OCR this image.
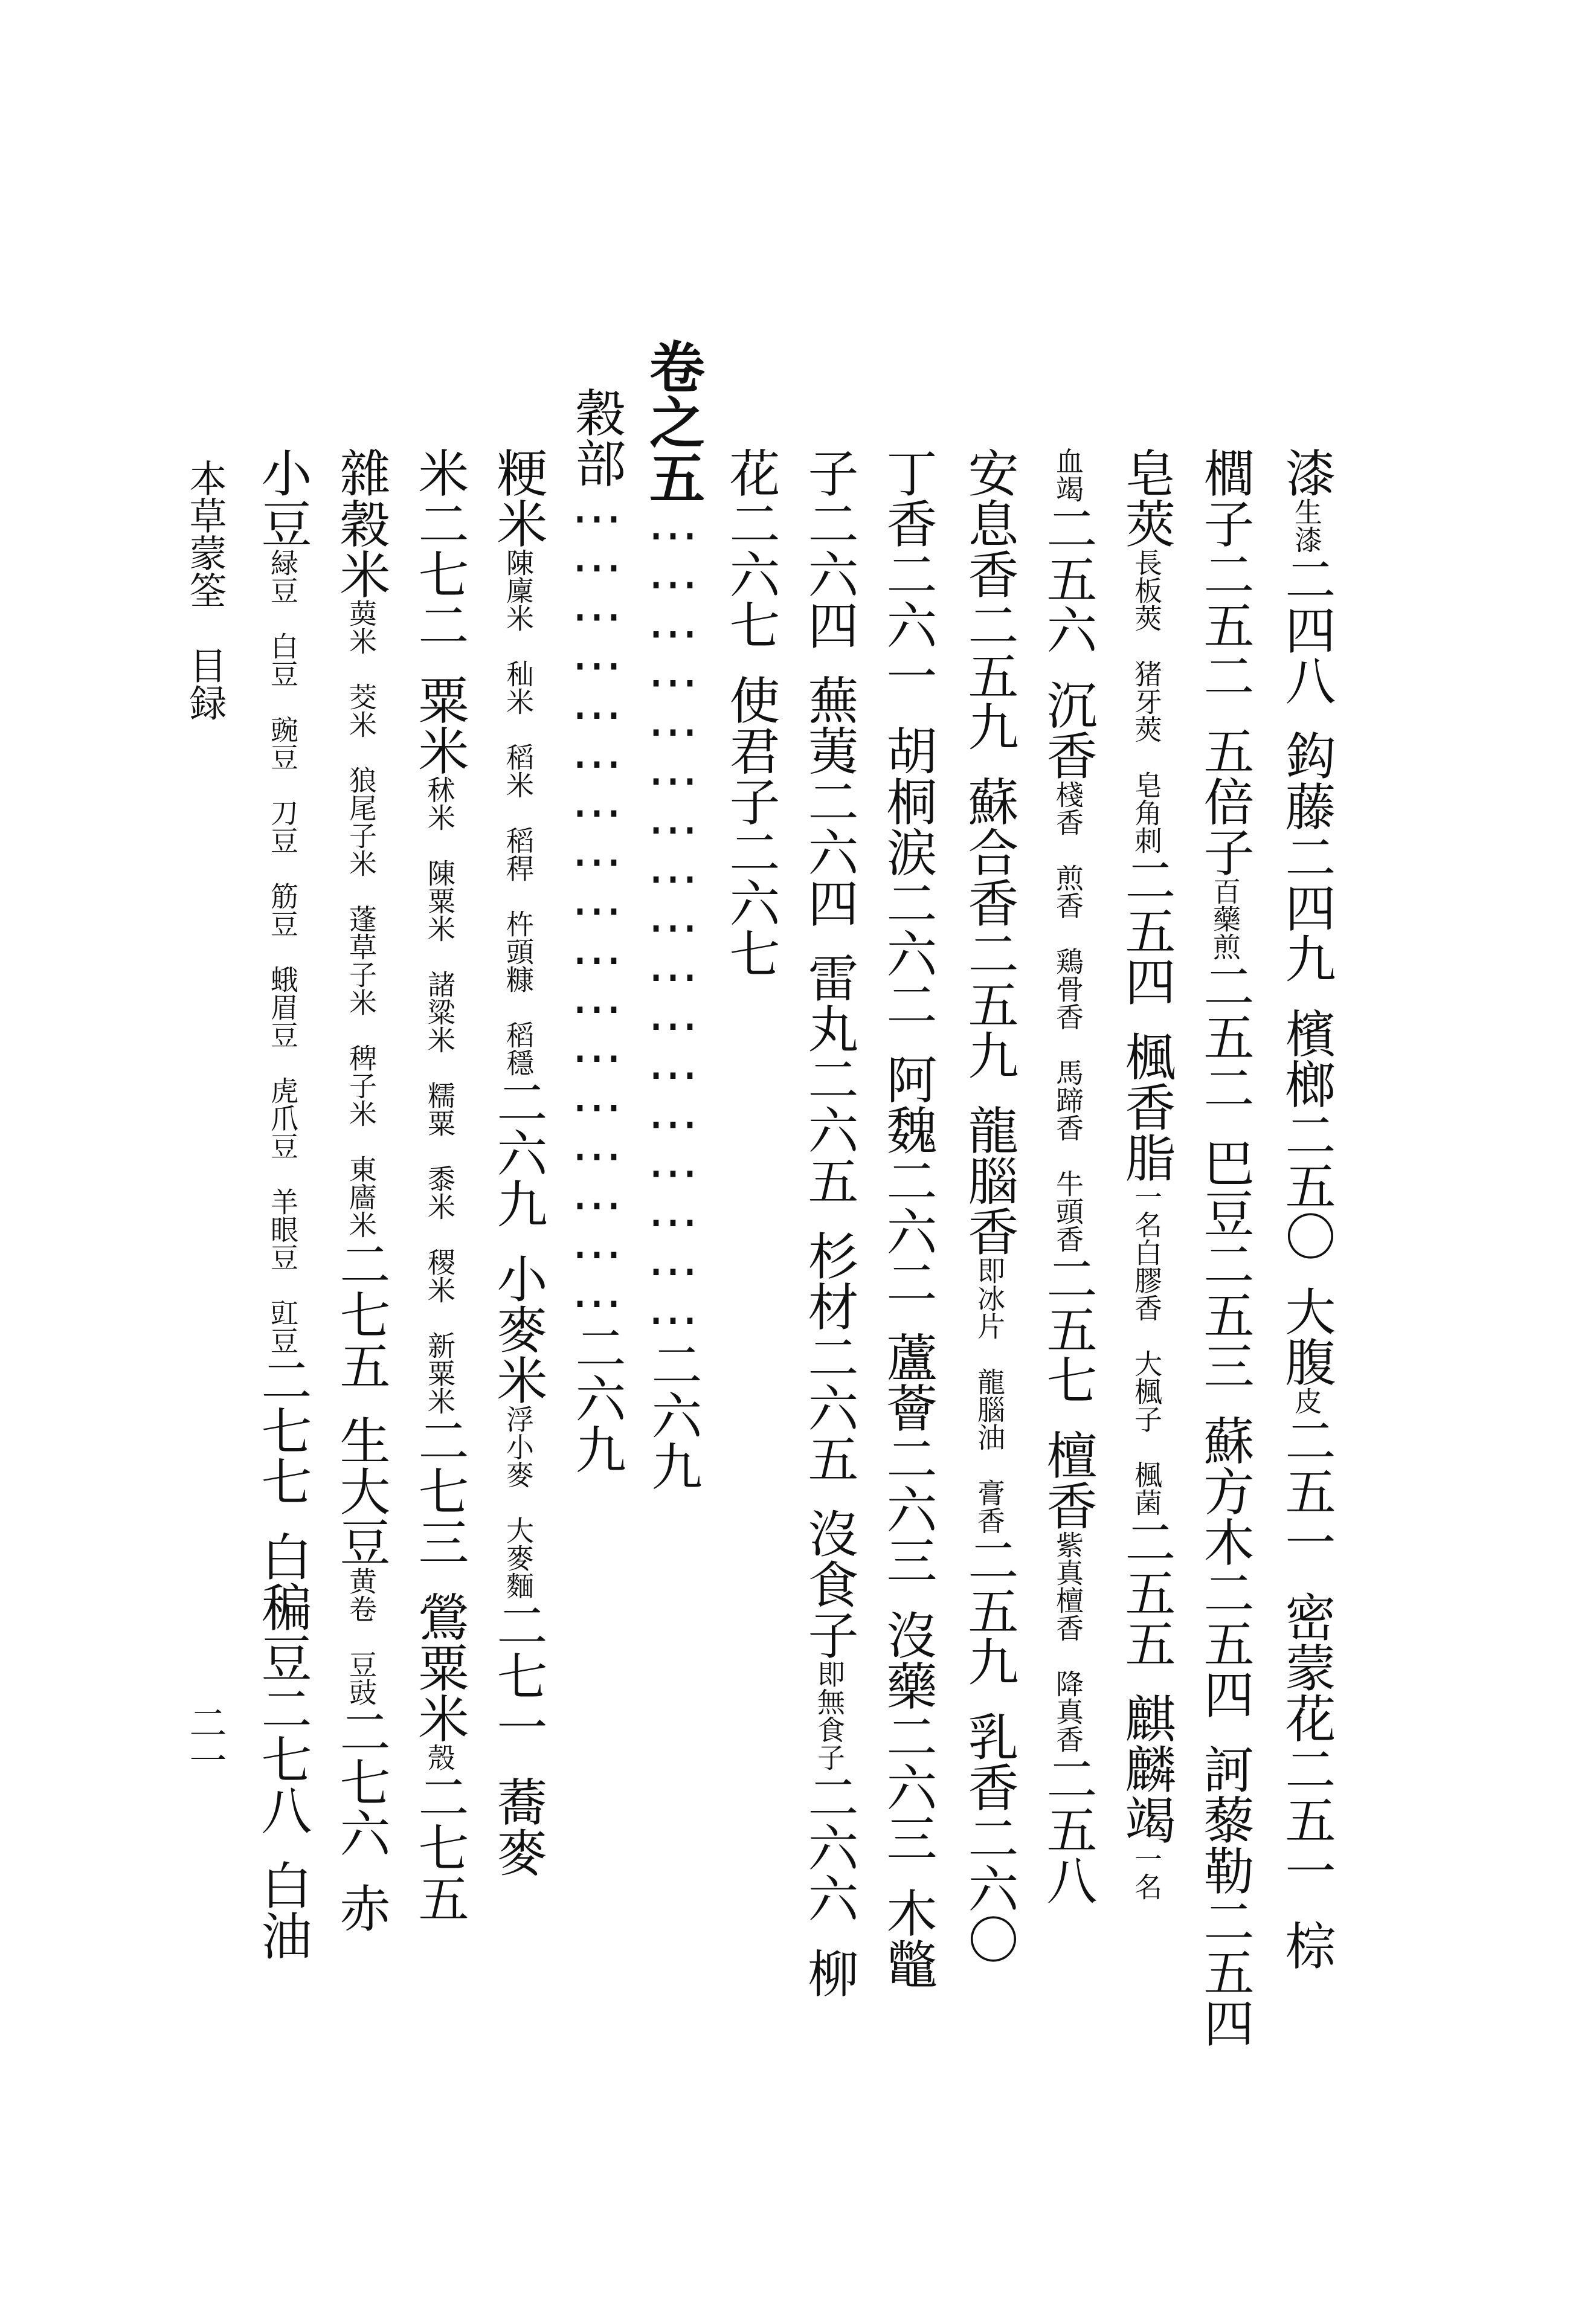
漆生漆二四八鈎藤二四九檳榔二五〇大腹皮二五一密蒙花二五一棕
櫚子二五二五倍子百藥煎二五二巴豆二五三蘇方木二五四訶藜勒二五四
皂莢長板莢　猪牙莢　皂角刺二五四楓香脂一名白膠香　大楓子　楓菌二五五麒麟竭一名
血竭二五六沉香棧香　煎香　鶏骨香　馬蹄香　牛頭香二五七檀香紫真檀香　降真香二五八
安息香二五九蘇合香二五九龍腦香即冰片　龍腦油　膏香二五九乳香二六〇
丁香二六一胡桐涙二六二阿魏二六二蘆薈二六三沒藥二六三木鼈
子二六四蕪荑二六四雷丸二六五杉材二六五沒食子即無食子二六六柳
花二六七使君子二六七
卷之五⋯⋯⋯⋯⋯⋯⋯⋯⋯⋯⋯⋯⋯⋯⋯⋯⋯二六九
穀部⋯⋯⋯⋯⋯⋯⋯⋯⋯⋯⋯⋯⋯⋯⋯⋯⋯二六九
粳米陳廩米　秈米　稻米　稻稈　杵頭糠　稻穩二六九小麥米浮小麥　大麥麵二七一蕎麥
米二七二粟米秫米　陳粟米　諸粱米　糯粟　黍米　稷米　新粟米二七三鶯粟米殼二七五
雜穀米䓴米　茭米　狼尾子米　蓬草子米　稗子米　東廧米二七五生大豆黄卷　豆豉二七六赤
小豆緑豆　白豆　豌豆　刀豆　筋豆　蛾眉豆　虎爪豆　羊眼豆　豇豆二七七白稨豆二七八白油
本草蒙筌　目録
二一
